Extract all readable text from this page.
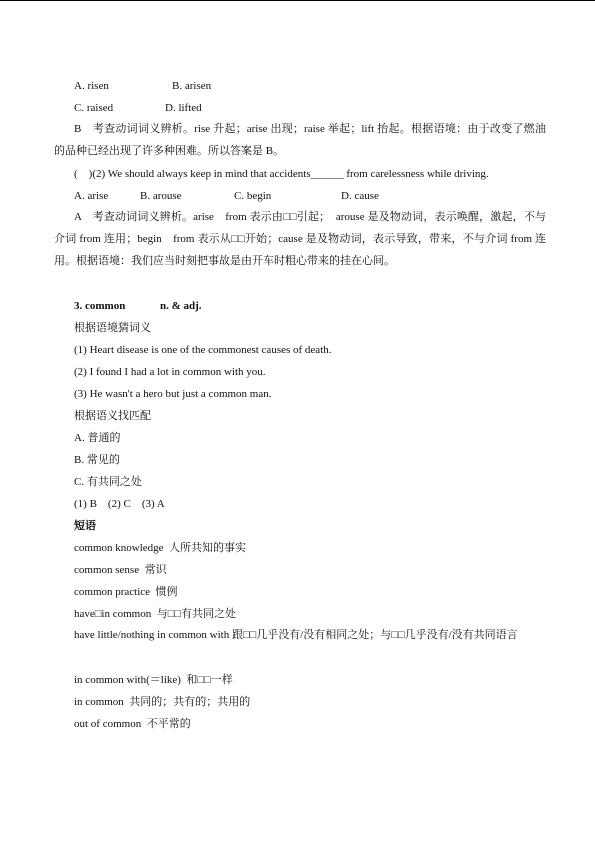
A. risen

	B. arisen

C. raised

	D. lifted

B　考查动词词义辨析。rise 升起；arise 出现；raise 举起；lift 抬起。根据语境：由于改变了燃油的品种已经出现了许多种困难。所以答案是 B。
(　)(2) We should always keep in mind that accidents______ from carelessness while driving.

A. arise

	B. arouse

	C. begin

	D. cause

A　考查动词词义辨析。arise　from 表示由□□引起；　arouse 是及物动词，表示唤醒，激起，不与介词 from 连用；begin　from 表示从□□开始；cause 是及物动词，表示导致，带来，不与介词 from 连用。根据语境：我们应当时刻把事故是由开车时粗心带来的挂在心间。

3. common

	n. & adj.

根据语境猜词义
(1) Heart disease is one of the commonest causes of death.
(2) I found I had a lot in common with you.
(3) He wasn't a hero but just a common man.
根据语义找匹配
A. 普通的
B. 常见的
C. 有共同之处
(1) B　(2) C　(3) A
短语
common knowledge  人所共知的事实
common sense  常识
common practice  惯例
have□in common  与□□有共同之处
have little/nothing in common with 跟□□几乎没有/没有相同之处；与□□几乎没有/没有共同语言
in common with(＝like)  和□□一样
in common  共同的；共有的；共用的
out of common  不平常的
